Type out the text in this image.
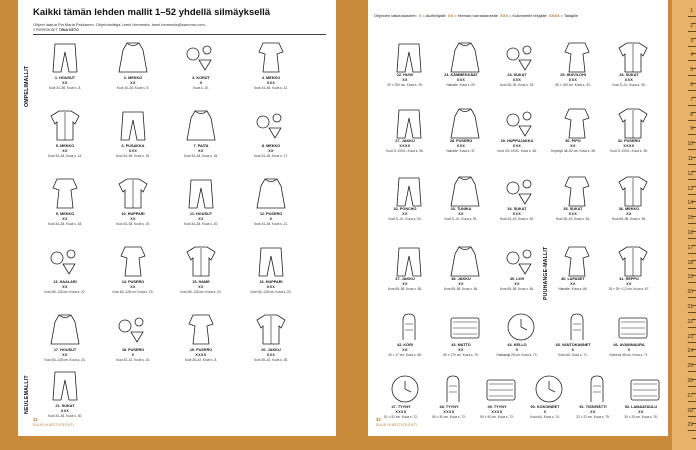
Kaikki tämän lehden mallit 1–52 yhdellä silmäyksellä
Ohjeet laatua Pia Maria Pekkanen, Ohjetoimittaja Leeni Hemmela, leeni.hemmela@sanoma.com,
// PIIRROKSET TIINA KETO
OMPELIMALLIT
NEULEMALLIT
1. HOUSUT
XX
Koot 34–56. Kuva s. 8.
2. MEKKO
XX
Koot 34–54. Kuva s. 9.
3. KORUT
X
Kuva s. 10.
4. MEKKO
XXX
Koot 34–54. Kuva s. 12.
5. MEKKO
XX
Koot 34–54. Kuva s. 14.
6. PUSAKKA
XXX
Koot 34–54. Kuva s. 15.
7. PAITA
XX
Koot 34–54. Kuva s. 16.
8. MEKKO
XX
Koot 34–54. Kuva s. 17.
9. MEKKO
XX
Koot 34–54. Kuva s. 18.
10. HUPPARI
XX
Koot 34–54. Kuva s. 19.
11. HOUSUT
XX
Koot 34–54. Kuva s. 20.
12. PUSERO
X
Koot 34–54. Kuva s. 21.
13. HAALARI
XX
Koot 80–128 cm. Kuva s. 22.
14. PUSERO
XX
Koot 80–128 cm. Kuva s. 23.
15. HAME
XX
Koot 80–128 cm. Kuva s. 23.
16. HUPPARI
XXX
Koot 80–128 cm. Kuva s. 23.
17. HOUSUT
XX
Koot 80–128 cm. Kuva s. 23.
18. PUSERO
X
Koot 30–42. Kuva s. 24.
19. PUSERO
XXXX
Koot 36–42. Kuva s. 8.
20. JAKKU
XXX
Koot 36–42. Kuva s. 28.
21. SUKAT
XXX
Koot 34–54. Kuva s. 30.
32
SUURI KÄSITYÖLEHTI
Ohjeiden vaikeusasteet: X= Aloittelijalle XX= Hieman harrastaneelle XXX= Kokeneelle tekijälle XXXX= Taitajille
PUUHANGE-MALLIT
22. HUIVI
XX
20 × 200 cm. Kuva s. 29.
23. KÄMMEKKÄAT
XXX
Naiselle. Kuva s. 29.
24. SUKAT
XXX
Koot 38–39. Kuva s. 33.
25. HUIVILOHI
XXX
55 × 190 cm. Kuva s. 33.
26. SUKAT
XXX
Koot S–XL. Kuva s. 35.
27. JAKKU
XXXX
Koot S–XXXL. Kuva s. 36.
28. PUSERO
XXX
Naiselle. Kuva s. 37.
29. HUPPUJAKKU
XXX
Koot XS–XXXL. Kuva s. 38.
30. PIPO
XX
Ympärys 48–52 cm. Kuva s. 38.
31. PUSERO
XXXX
Koot S–XXXL. Kuva s. 38.
32. PONCHO
XX
Koot S–XL. Kuva s. 50.
33. TUNIKA
XX
Koot S–XL. Kuva s. 51.
34. SUKAT
XXX
Koot 34–43. Kuva s. 52.
35. SUKAT
XXX
Koot 36–43. Kuva s. 53.
36. MEKKO
XX
Koot 68–98. Kuva s. 55.
37. JAKKU
XX
Koot 68–98. Kuva s. 55.
38. JAKKU
XX
Koot 68–98. Kuva s. 56.
39. LIIVI
XX
Koot 68–98. Kuva s. 65.
40. LAPASET
XX
Naiselle. Kuva s. 66.
41. REPPU
XX
25 × 29 × 12 cm. Kuva s. 67.
42. KORI
XX
30 × 17 cm. Kuva s. 68.
43. MATTO
XX
69 × 170 cm. Kuva s. 70.
44. KELLO
X
Halkaisija 28 cm. Kuva s. 70.
45. VANTOKANNET
X
Koko A5. Kuva s. 71.
46. AVAINNAURA
X
Korkeus 45 cm. Kuva s. 71.
47. TYYNY
XXXX
51 × 51 cm. Kuva s. 72.
48. TYYNY
XXXX
50 × 30 cm. Kuva s. 72.
49. TYYNY
XXXX
50 × 50 cm. Kuva s. 72.
50. KOKOINEET
X
Koko A4. Kuva s. 74.
51. TISKIRÄTTI
XX
22 × 22 cm. Kuva s. 75.
52. LAMAATAULU
XX
30 × 25 cm. Kuva s. 76.
33
SUURI KÄSITYÖLEHTI
1
2
3
4
5
6
7
8
9
10
11
12
13
14
15
16
17
18
19
20
21
22
23
24
25
26
27
28
29
